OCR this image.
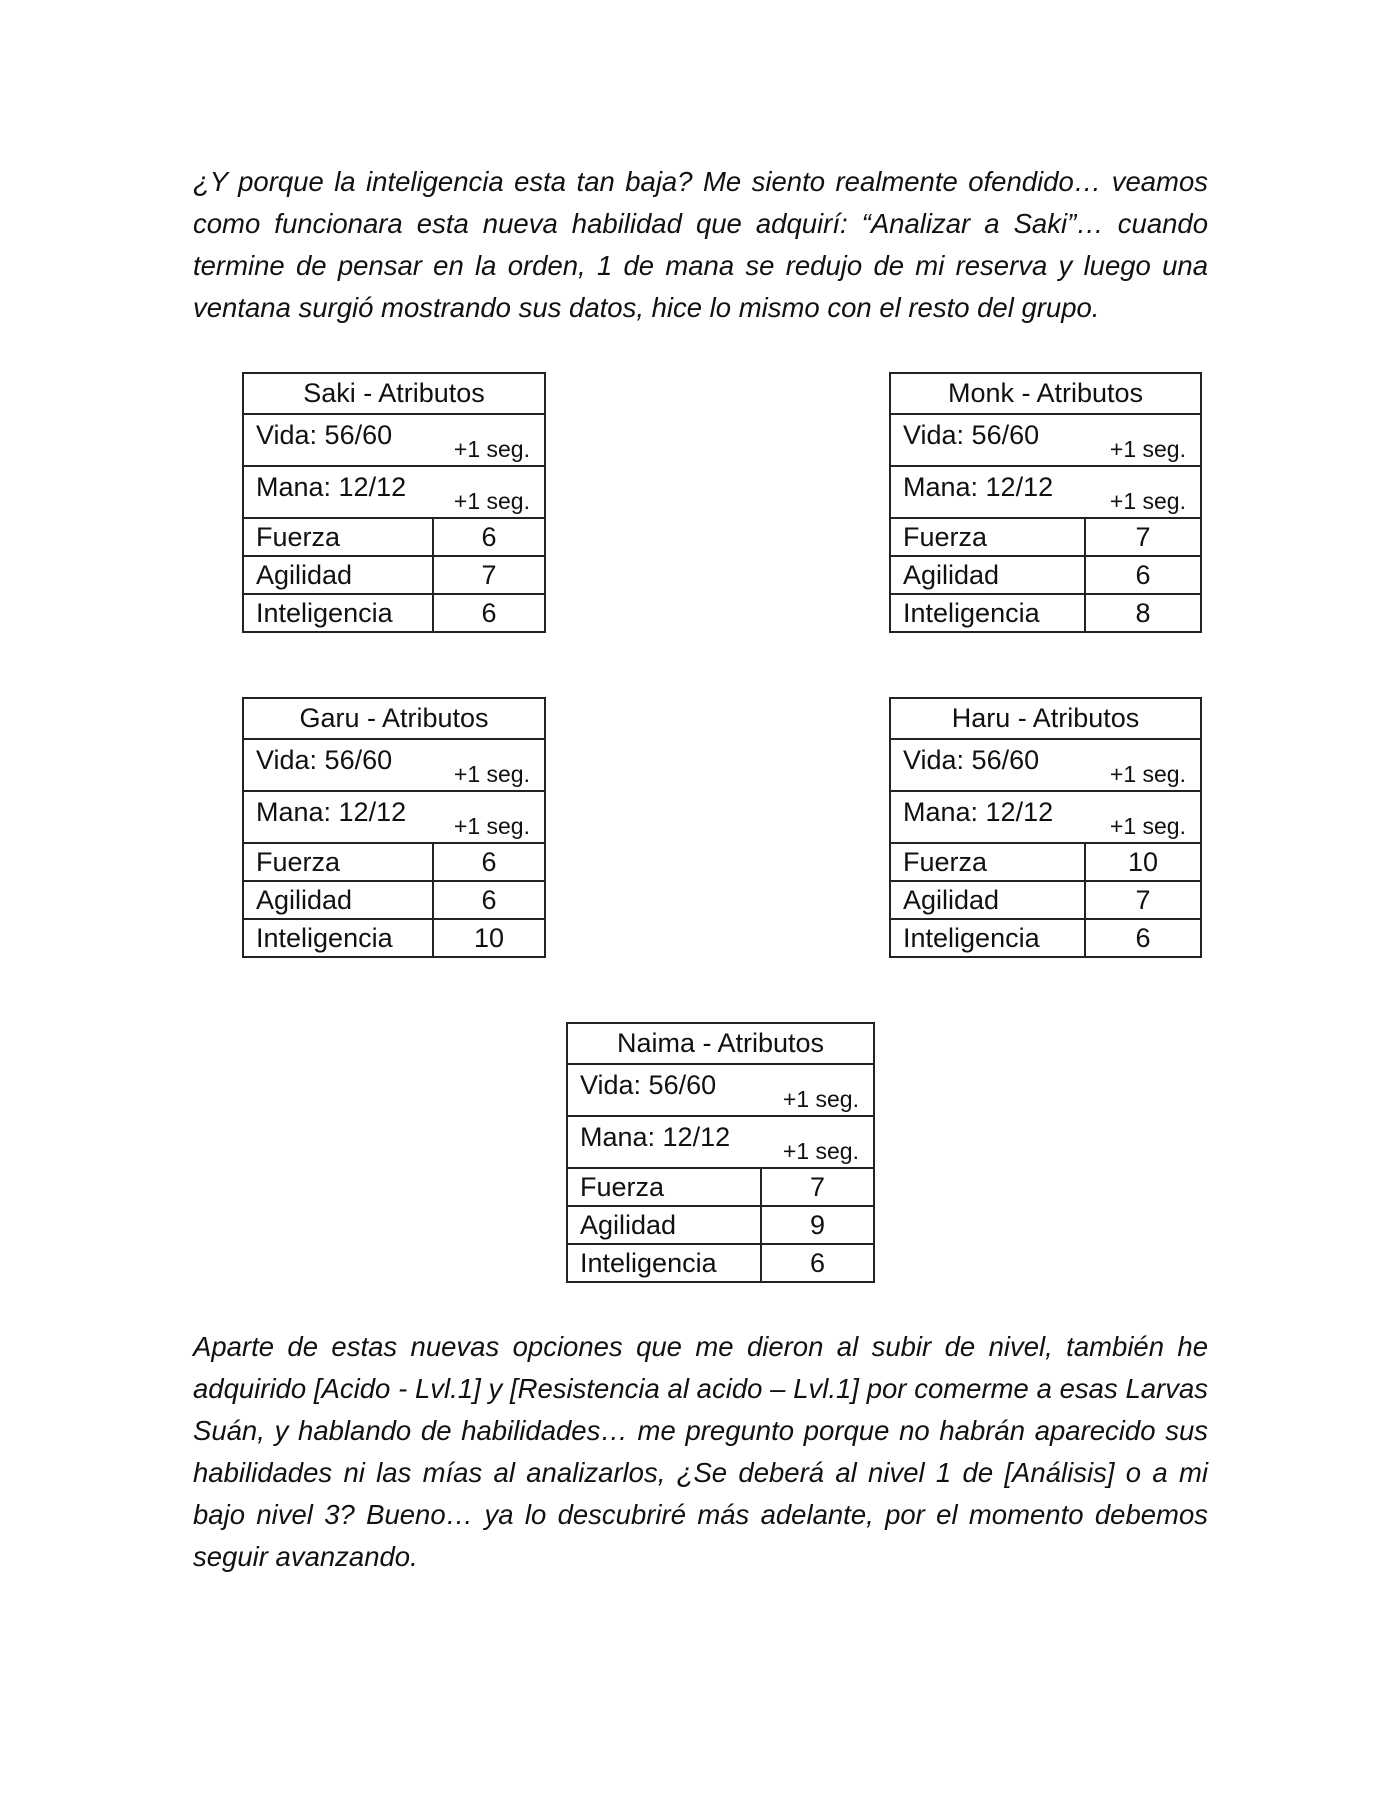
¿Y porque la inteligencia esta tan baja? Me siento realmente ofendido… veamos como funcionara esta nueva habilidad que adquirí: “Analizar a Saki”… cuando termine de pensar en la orden, 1 de mana se redujo de mi reserva y luego una ventana surgió mostrando sus datos, hice lo mismo con el resto del grupo.

Saki - Atributos	

Vida: 56/60 +1 seg.	

Mana: 12/12 +1 seg.	

Fuerza	6
Agilidad	7
Inteligencia	6
Monk - Atributos	

Vida: 56/60 +1 seg.	

Mana: 12/12 +1 seg.	

Fuerza	7
Agilidad	6
Inteligencia	8
Garu - Atributos	

Vida: 56/60 +1 seg.	

Mana: 12/12 +1 seg.	

Fuerza	6
Agilidad	6
Inteligencia	10
Haru - Atributos	

Vida: 56/60 +1 seg.	

Mana: 12/12 +1 seg.	

Fuerza	10
Agilidad	7
Inteligencia	6
Naima - Atributos	

Vida: 56/60 +1 seg.	

Mana: 12/12 +1 seg.	

Fuerza	7
Agilidad	9
Inteligencia	6

Aparte de estas nuevas opciones que me dieron al subir de nivel, también he adquirido [Acido - Lvl.1] y [Resistencia al acido – Lvl.1] por comerme a esas Larvas Suán, y hablando de habilidades… me pregunto porque no habrán aparecido sus habilidades ni las mías al analizarlos, ¿Se deberá al nivel 1 de [Análisis] o a mi bajo nivel 3? Bueno… ya lo descubriré más adelante, por el momento debemos seguir avanzando.
